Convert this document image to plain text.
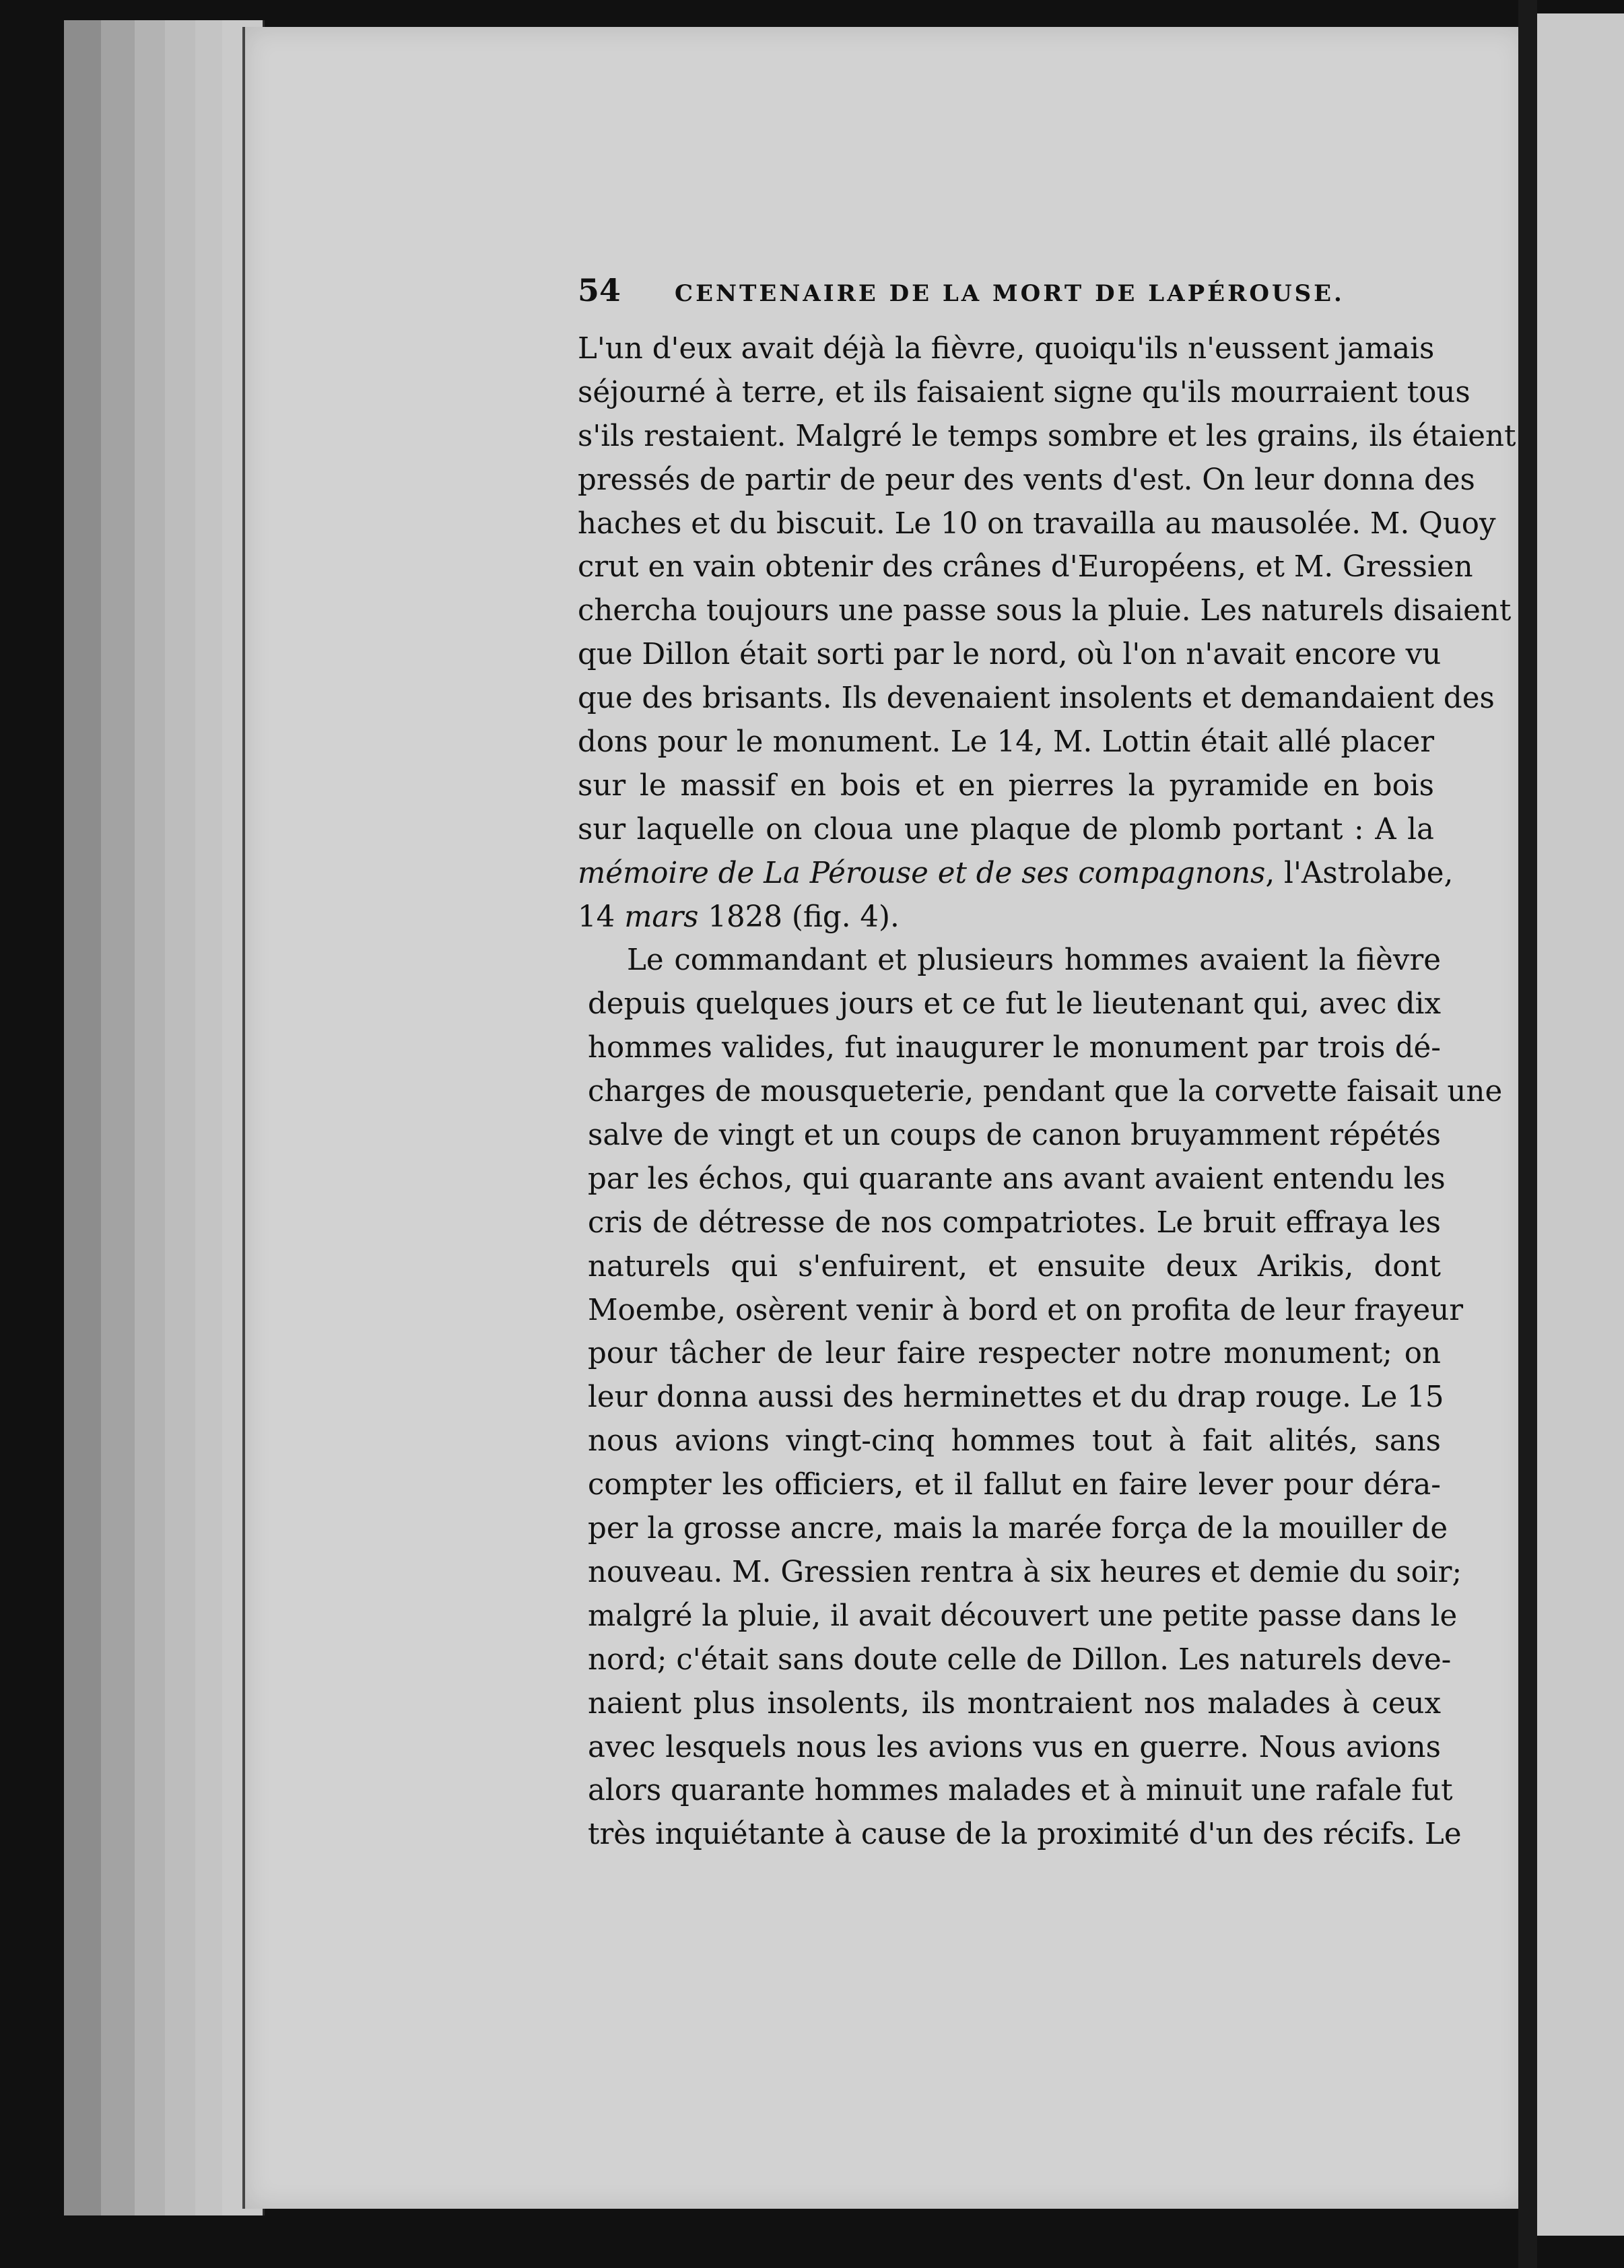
54 CENTENAIRE DE LA MORT DE LAPÉROUSE.
L'un d'eux avait déjà la fièvre, quoiqu'ils n'eussent jamais
séjourné à terre, et ils faisaient signe qu'ils mourraient tous
s'ils restaient. Malgré le temps sombre et les grains, ils étaient
pressés de partir de peur des vents d'est. On leur donna des
haches et du biscuit. Le 10 on travailla au mausolée. M. Quoy
crut en vain obtenir des crânes d'Européens, et M. Gressien
chercha toujours une passe sous la pluie. Les naturels disaient
que Dillon était sorti par le nord, où l'on n'avait encore vu
que des brisants. Ils devenaient insolents et demandaient des
dons pour le monument. Le 14, M. Lottin était allé placer
sur le massif en bois et en pierres la pyramide en bois
sur laquelle on cloua une plaque de plomb portant : A la
mémoire de La Pérouse et de ses compagnons, l'Astrolabe,
14 mars 1828 (fig. 4).
Le commandant et plusieurs hommes avaient la fièvre
depuis quelques jours et ce fut le lieutenant qui, avec dix
hommes valides, fut inaugurer le monument par trois dé-
charges de mousqueterie, pendant que la corvette faisait une
salve de vingt et un coups de canon bruyamment répétés
par les échos, qui quarante ans avant avaient entendu les
cris de détresse de nos compatriotes. Le bruit effraya les
naturels qui s'enfuirent, et ensuite deux Arikis, dont
Moembe, osèrent venir à bord et on profita de leur frayeur
pour tâcher de leur faire respecter notre monument; on
leur donna aussi des herminettes et du drap rouge. Le 15
nous avions vingt-cinq hommes tout à fait alités, sans
compter les officiers, et il fallut en faire lever pour déra-
per la grosse ancre, mais la marée força de la mouiller de
nouveau. M. Gressien rentra à six heures et demie du soir;
malgré la pluie, il avait découvert une petite passe dans le
nord; c'était sans doute celle de Dillon. Les naturels deve-
naient plus insolents, ils montraient nos malades à ceux
avec lesquels nous les avions vus en guerre. Nous avions
alors quarante hommes malades et à minuit une rafale fut
très inquiétante à cause de la proximité d'un des récifs. Le
